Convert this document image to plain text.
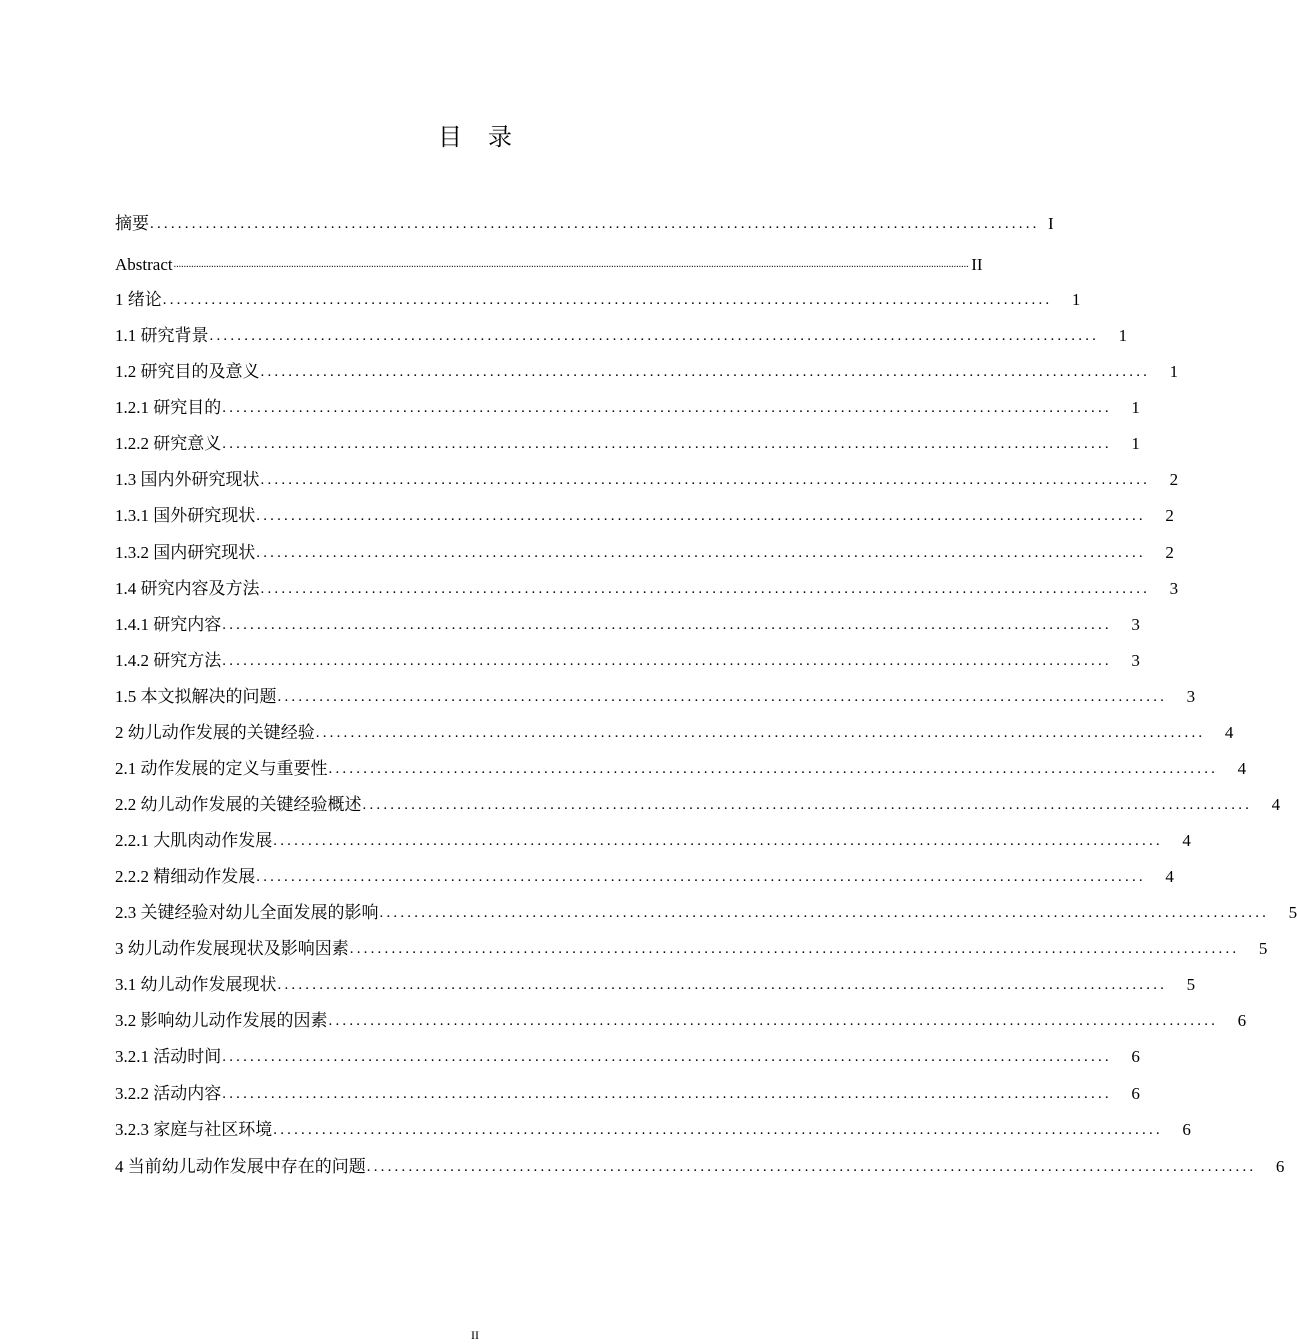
目录
摘要 ................................................................................................................................ I
Abstract .............................................................................................................................................................................................................................................................................................................................. II
1 绪论 ................................................................................................................................	1
1.1 研究背景 ................................................................................................................................	1
1.2 研究目的及意义 ................................................................................................................................	1
1.2.1 研究目的 ................................................................................................................................	1
1.2.2 研究意义 ................................................................................................................................	1
1.3 国内外研究现状 ................................................................................................................................	2
1.3.1 国外研究现状 ................................................................................................................................	2
1.3.2 国内研究现状 ................................................................................................................................	2
1.4 研究内容及方法 ................................................................................................................................	3
1.4.1 研究内容 ................................................................................................................................	3
1.4.2 研究方法 ................................................................................................................................	3
1.5 本文拟解决的问题 ................................................................................................................................	3
2 幼儿动作发展的关键经验 ................................................................................................................................	4
2.1 动作发展的定义与重要性 ................................................................................................................................	4
2.2 幼儿动作发展的关键经验概述 ................................................................................................................................	4
2.2.1 大肌肉动作发展 ................................................................................................................................	4
2.2.2 精细动作发展 ................................................................................................................................	4
2.3 关键经验对幼儿全面发展的影响 ................................................................................................................................	5
3 幼儿动作发展现状及影响因素 ................................................................................................................................	5
3.1 幼儿动作发展现状 ................................................................................................................................	5
3.2 影响幼儿动作发展的因素 ................................................................................................................................	6
3.2.1 活动时间 ................................................................................................................................	6
3.2.2 活动内容 ................................................................................................................................	6
3.2.3 家庭与社区环境 ................................................................................................................................	6
4 当前幼儿动作发展中存在的问题 ................................................................................................................................	6
II
